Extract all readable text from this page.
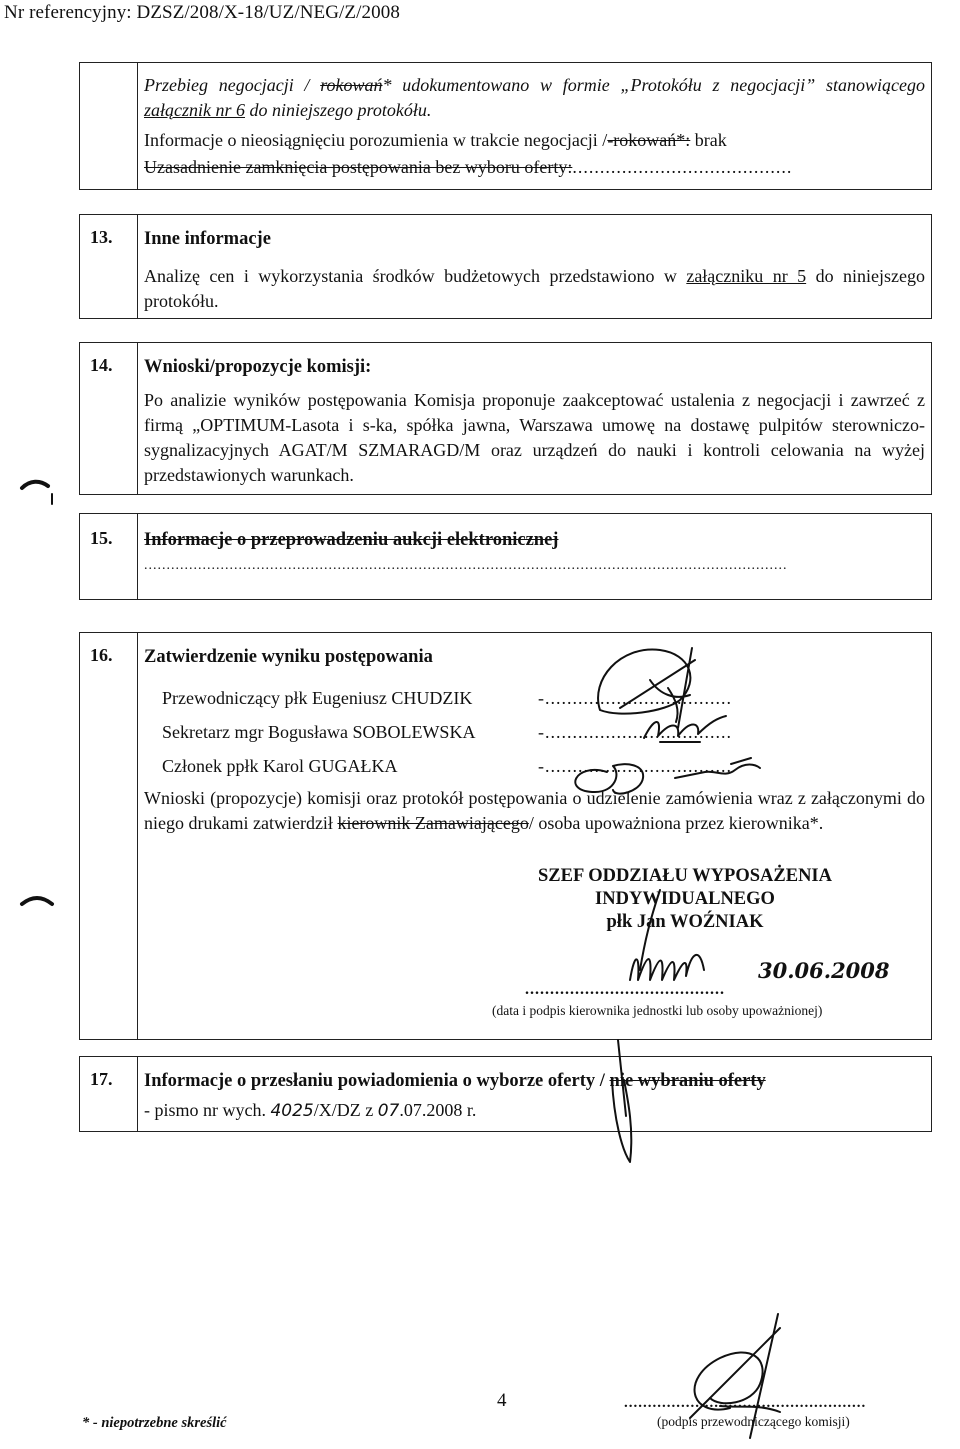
Nr referencyjny: DZSZ/208/X-18/UZ/NEG/Z/2008
Przebieg negocjacji / rokowań* udokumentowano w formie „Protokółu z negocjacji” stanowiącego załącznik nr 6 do niniejszego protokółu.
Informacje o nieosiągnięciu porozumienia w trakcie negocjacji /-rokowań*: brak
Uzasadnienie zamknięcia postępowania bez wyboru oferty:........................................
13. Inne informacje
Analizę cen i wykorzystania środków budżetowych przedstawiono w załączniku nr 5 do niniejszego protokółu.
14. Wnioski/propozycje komisji:
Po analizie wyników postępowania Komisja proponuje zaakceptować ustalenia z negocjacji i zawrzeć z firmą „OPTIMUM-Lasota i s-ka, spółka jawna, Warszawa umowę na dostawę pulpitów sterowniczo-sygnalizacyjnych AGAT/M SZMARAGD/M oraz urządzeń do nauki i kontroli celowania na wyżej przedstawionych warunkach.
15. Informacje o przeprowadzeniu aukcji elektronicznej
...............................................................................................................................................
16. Zatwierdzenie wyniku postępowania
Przewodniczący płk Eugeniusz CHUDZIK	-..................................
Sekretarz mgr Bogusława SOBOLEWSKA	-..................................
Członek ppłk Karol GUGAŁKA	-..................................
Wnioski (propozycje) komisji oraz protokół postępowania o udzielenie zamówienia wraz z załączonymi do niego drukami zatwierdził kierownik Zamawiającego/ osoba upoważniona przez kierownika*.
SZEF ODDZIAŁU WYPOSAŻENIA
INDYWIDUALNEGO
płk Jan WOŹNIAK
30.06.2008
........................................
(data i podpis kierownika jednostki lub osoby upoważnionej)
17. Informacje o przesłaniu powiadomienia o wyborze oferty / nie wybraniu oferty
- pismo nr wych. 4025/X/DZ z 07.07.2008 r.
* - niepotrzebne skreślić
4	...................................................
(podpis przewodniczącego komisji)
